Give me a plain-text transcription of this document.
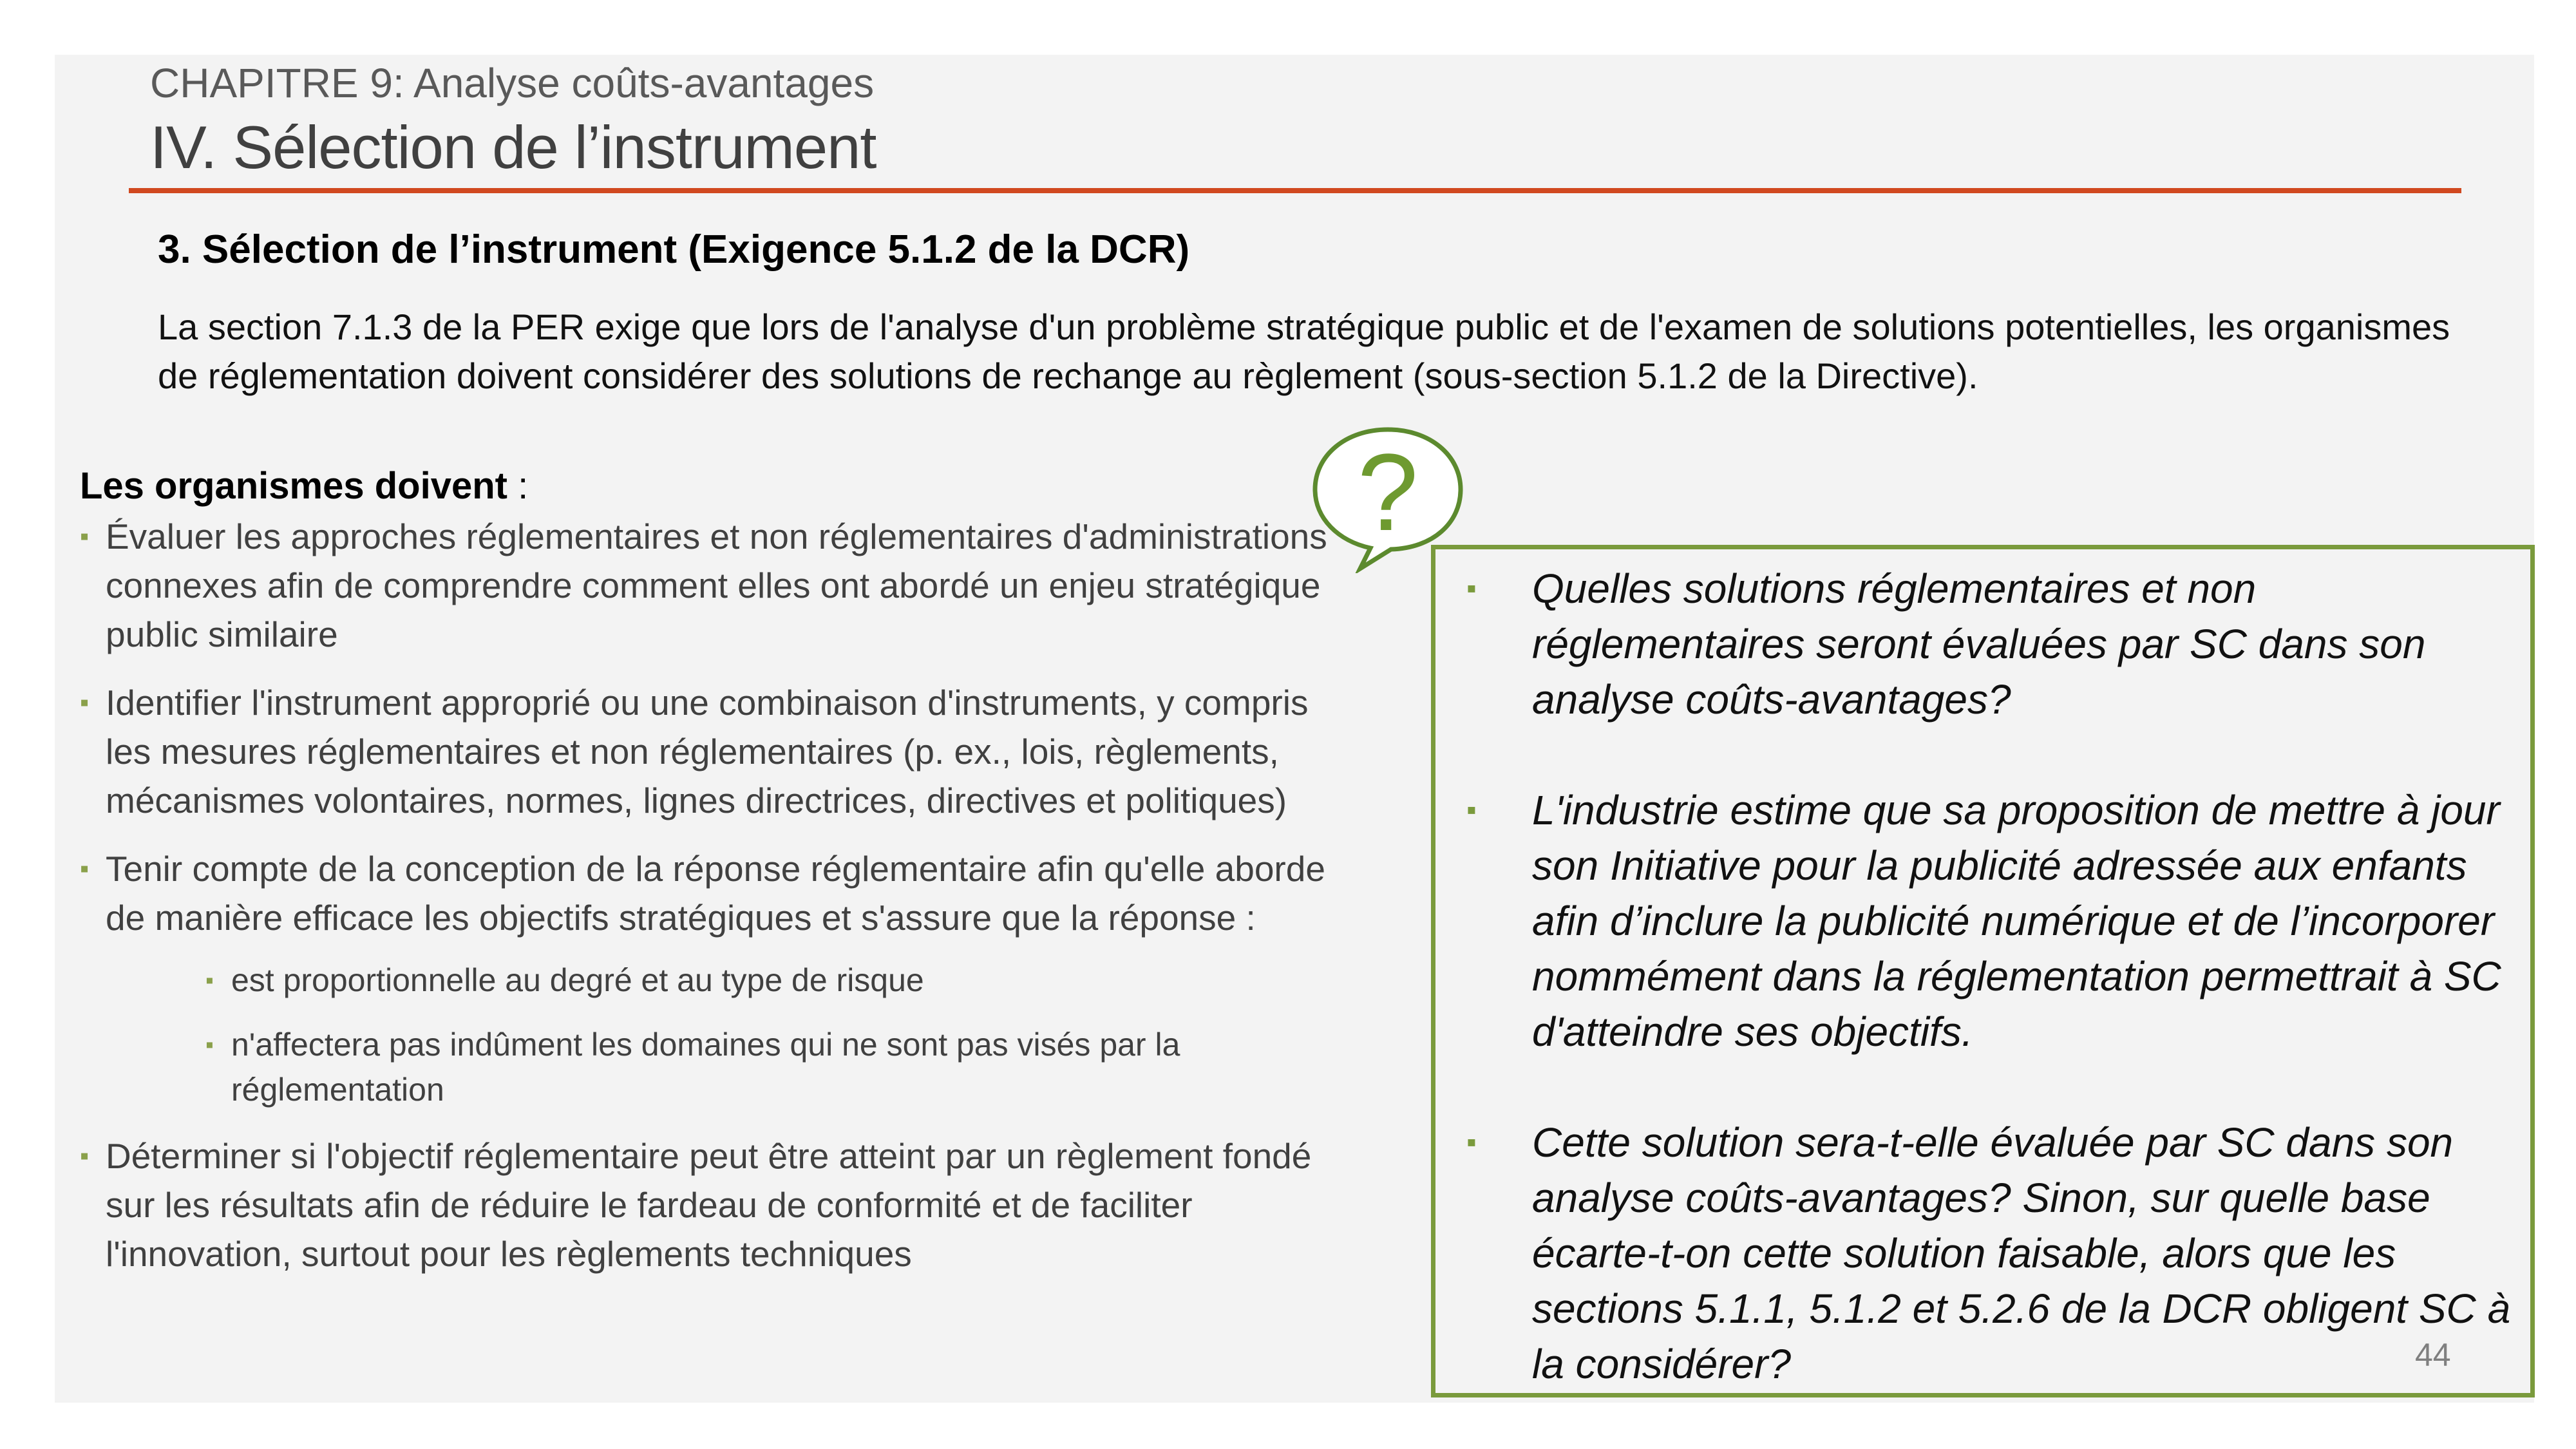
CHAPITRE 9: Analyse coûts-avantages
IV. Sélection de l’instrument
3. Sélection de l’instrument (Exigence 5.1.2 de la DCR)
La section 7.1.3 de la PER exige que lors de l'analyse d'un problème stratégique public et de l'examen de solutions potentielles, les organismes de réglementation doivent considérer des solutions de rechange au règlement (sous-section 5.1.2 de la Directive).
Les organismes doivent :
▪ Évaluer les approches réglementaires et non réglementaires d'administrations connexes afin de comprendre comment elles ont abordé un enjeu stratégique public similaire
▪ Identifier l'instrument approprié ou une combinaison d'instruments, y compris les mesures réglementaires et non réglementaires (p. ex., lois, règlements, mécanismes volontaires, normes, lignes directrices, directives et politiques)
▪ Tenir compte de la conception de la réponse réglementaire afin qu'elle aborde de manière efficace les objectifs stratégiques et s'assure que la réponse :
▪ est proportionnelle au degré et au type de risque
▪ n'affectera pas indûment les domaines qui ne sont pas visés par la réglementation
▪ Déterminer si l'objectif réglementaire peut être atteint par un règlement fondé sur les résultats afin de réduire le fardeau de conformité et de faciliter l'innovation, surtout pour les règlements techniques
?
▪ Quelles solutions réglementaires et non réglementaires seront évaluées par SC dans son analyse coûts-avantages?
▪ L'industrie estime que sa proposition de mettre à jour son Initiative pour la publicité adressée aux enfants afin d’inclure la publicité numérique et de l’incorporer nommément dans la réglementation permettrait à SC d'atteindre ses objectifs.
▪ Cette solution sera-t-elle évaluée par SC dans son analyse coûts-avantages? Sinon, sur quelle base écarte-t-on cette solution faisable, alors que les sections 5.1.1, 5.1.2 et 5.2.6 de la DCR obligent SC à la considérer?	44
